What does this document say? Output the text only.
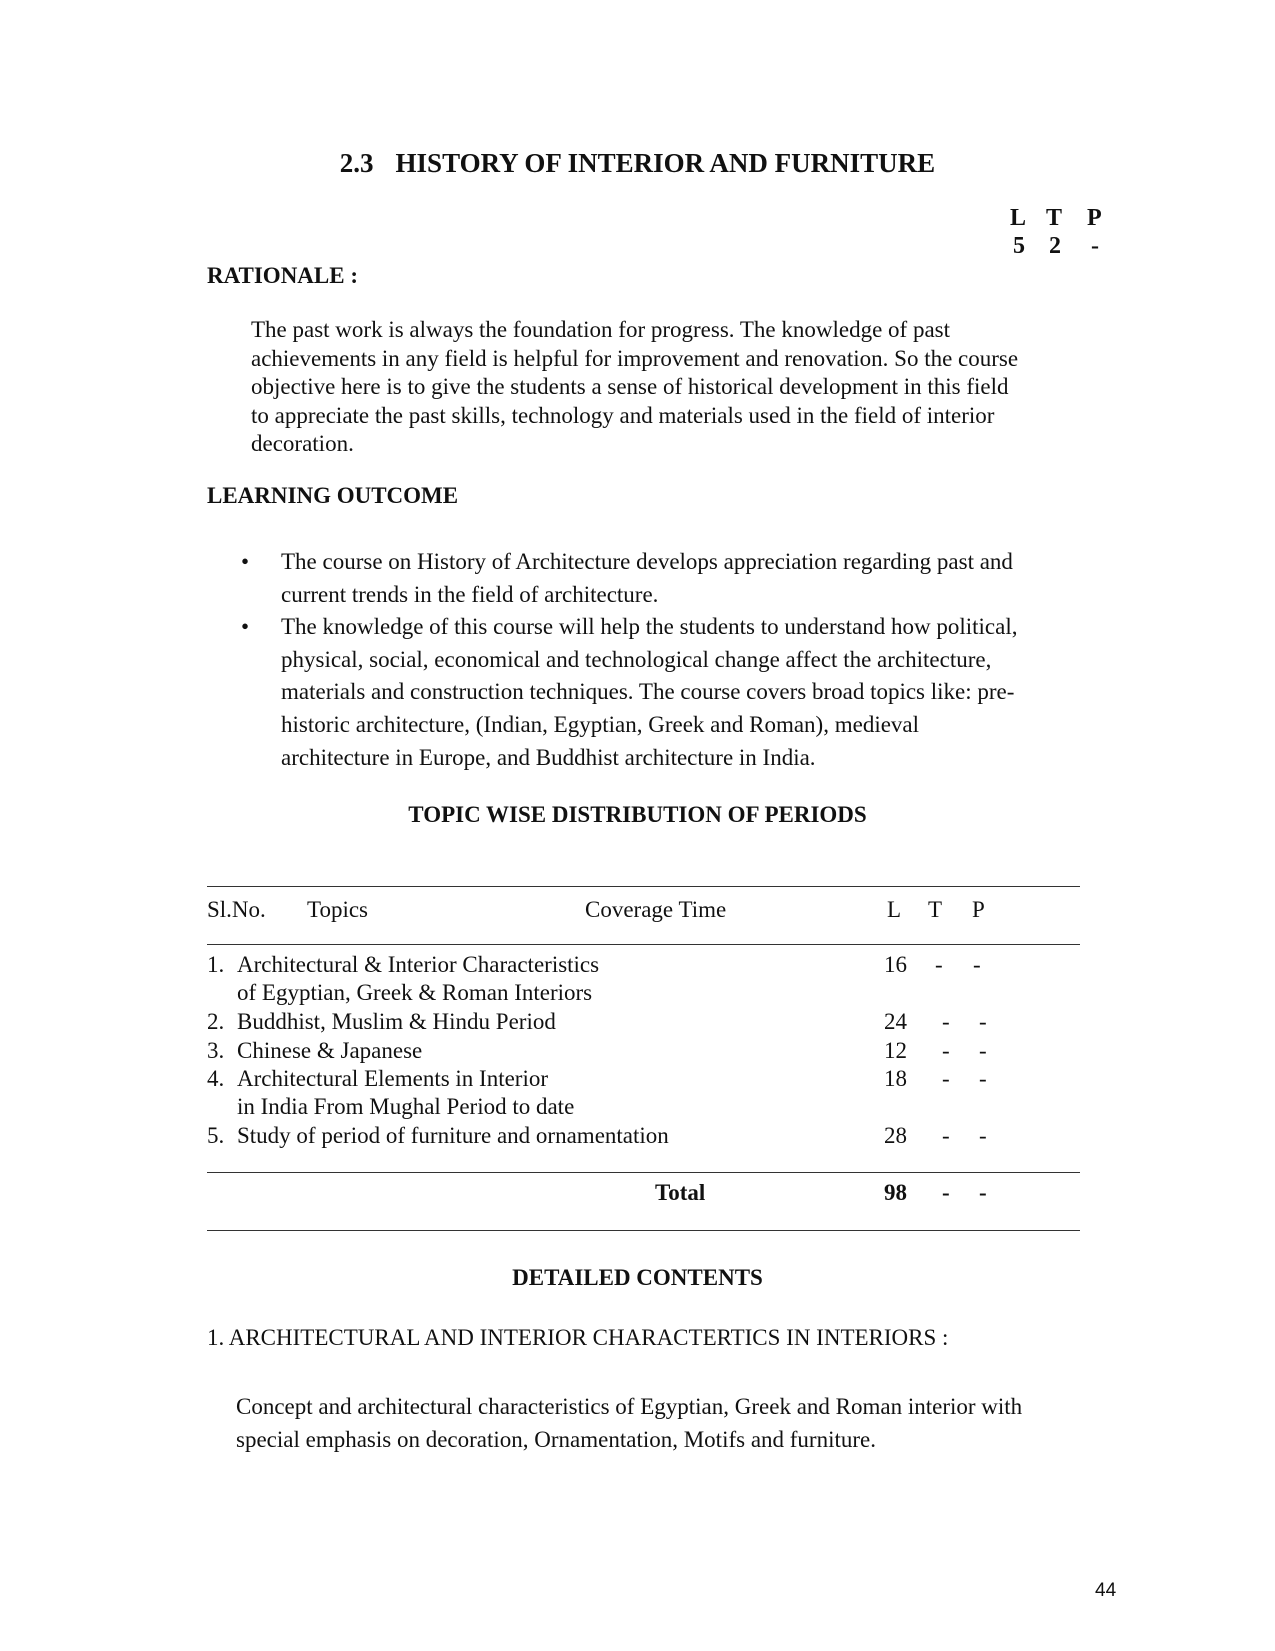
2.3 HISTORY OF INTERIOR AND FURNITURE
L T P
5 2 -
RATIONALE :
The past work is always the foundation for progress. The knowledge of past
achievements in any field is helpful for improvement and renovation. So the course
objective here is to give the students a sense of historical development in this field
to appreciate the past skills, technology and materials used in the field of interior
decoration.
LEARNING OUTCOME
• The course on History of Architecture develops appreciation regarding past and
current trends in the field of architecture.
• The knowledge of this course will help the students to understand how political,
physical, social, economical and technological change affect the architecture,
materials and construction techniques. The course covers broad topics like: pre-
historic architecture, (Indian, Egyptian, Greek and Roman), medieval
architecture in Europe, and Buddhist architecture in India.
TOPIC WISE DISTRIBUTION OF PERIODS
Sl.No. Topics	Coverage Time	L T P
1. Architectural & Interior Characteristics
of Egyptian, Greek & Roman Interiors
16 - -
2. Buddhist, Muslim & Hindu Period	24 - -
3. Chinese & Japanese	12 - -
4. Architectural Elements in Interior
in India From Mughal Period to date
18 - -
5. Study of period of furniture and ornamentation	28 - -
Total	98 - -
DETAILED CONTENTS
1. ARCHITECTURAL AND INTERIOR CHARACTERTICS IN INTERIORS :
Concept and architectural characteristics of Egyptian, Greek and Roman interior with
special emphasis on decoration, Ornamentation, Motifs and furniture.
44
